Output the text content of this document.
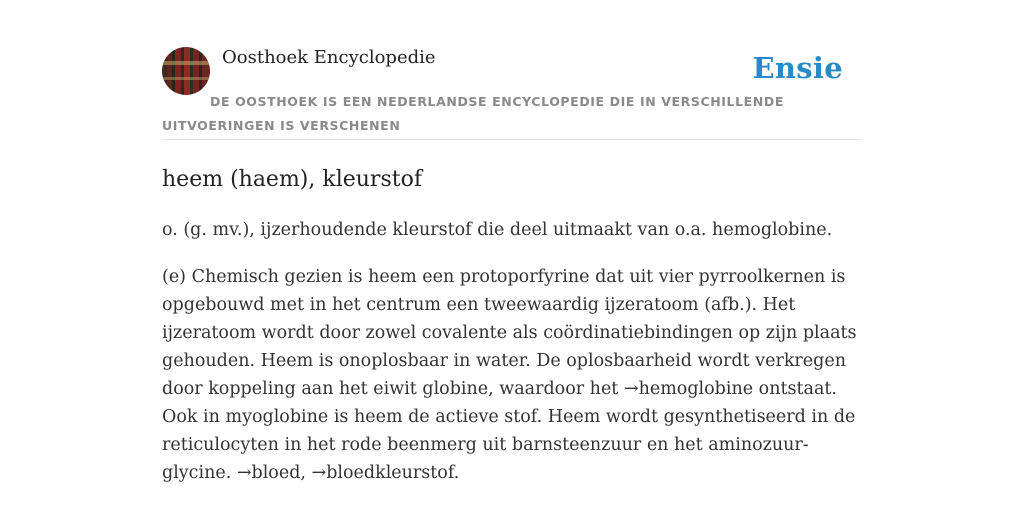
Oosthoek Encyclopedie	Ensie
DE OOSTHOEK IS EEN NEDERLANDSE ENCYCLOPEDIE DIE IN VERSCHILLENDE UITVOERINGEN IS VERSCHENEN
heem (haem), kleurstof

o. (g. mv.), ijzerhoudende kleurstof die deel uitmaakt van o.a. hemoglobine.

(e) Chemisch gezien is heem een protoporfyrine dat uit vier pyrroolkernen is opgebouwd met in het centrum een tweewaardig ijzeratoom (afb.). Het ijzeratoom wordt door zowel covalente als coördinatiebindingen op zijn plaats gehouden. Heem is onoplosbaar in water. De oplosbaarheid wordt verkregen door koppeling aan het eiwit globine, waardoor het →hemoglobine ontstaat. Ook in myoglobine is heem de actieve stof. Heem wordt gesynthetiseerd in de reticulocyten in het rode beenmerg uit barnsteenzuur en het aminozuur-glycine. →bloed, →bloedkleurstof.
